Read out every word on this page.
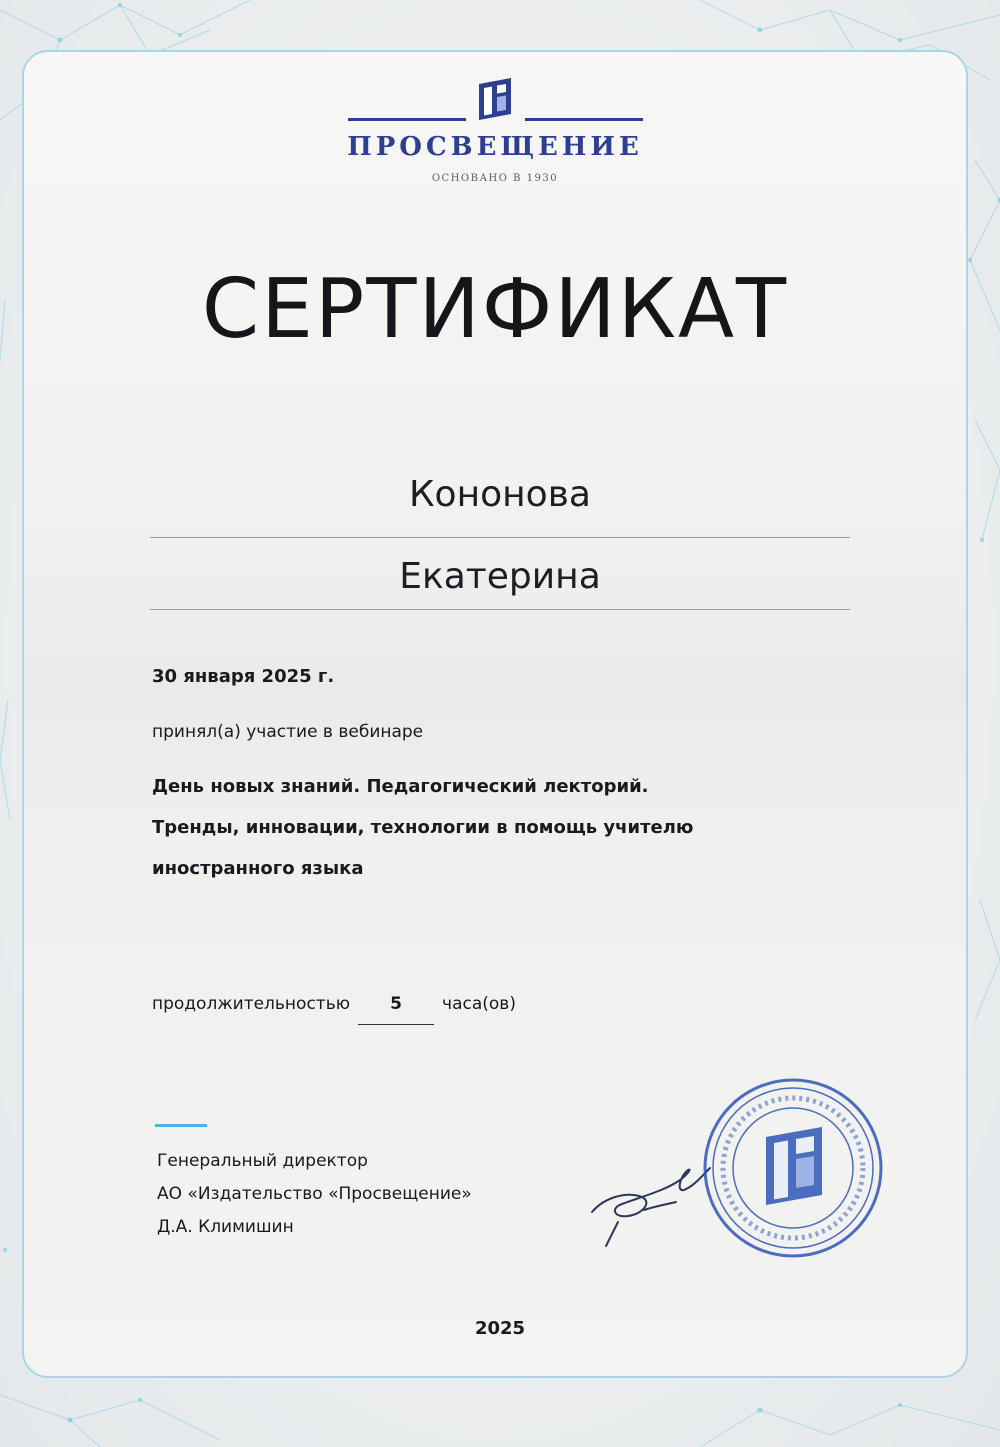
ПРОСВЕЩЕНИЕ
ОСНОВАНО В 1930
СЕРТИФИКАТ
Кононова
Екатерина
30 января 2025 г.
принял(а) участие в вебинаре
День новых знаний. Педагогический лекторий.
Тренды, инновации, технологии в помощь учителю
иностранного языка
продолжительностью	5	часа(ов)
Генеральный директор
АО «Издательство «Просвещение»
Д.А. Климишин
2025
